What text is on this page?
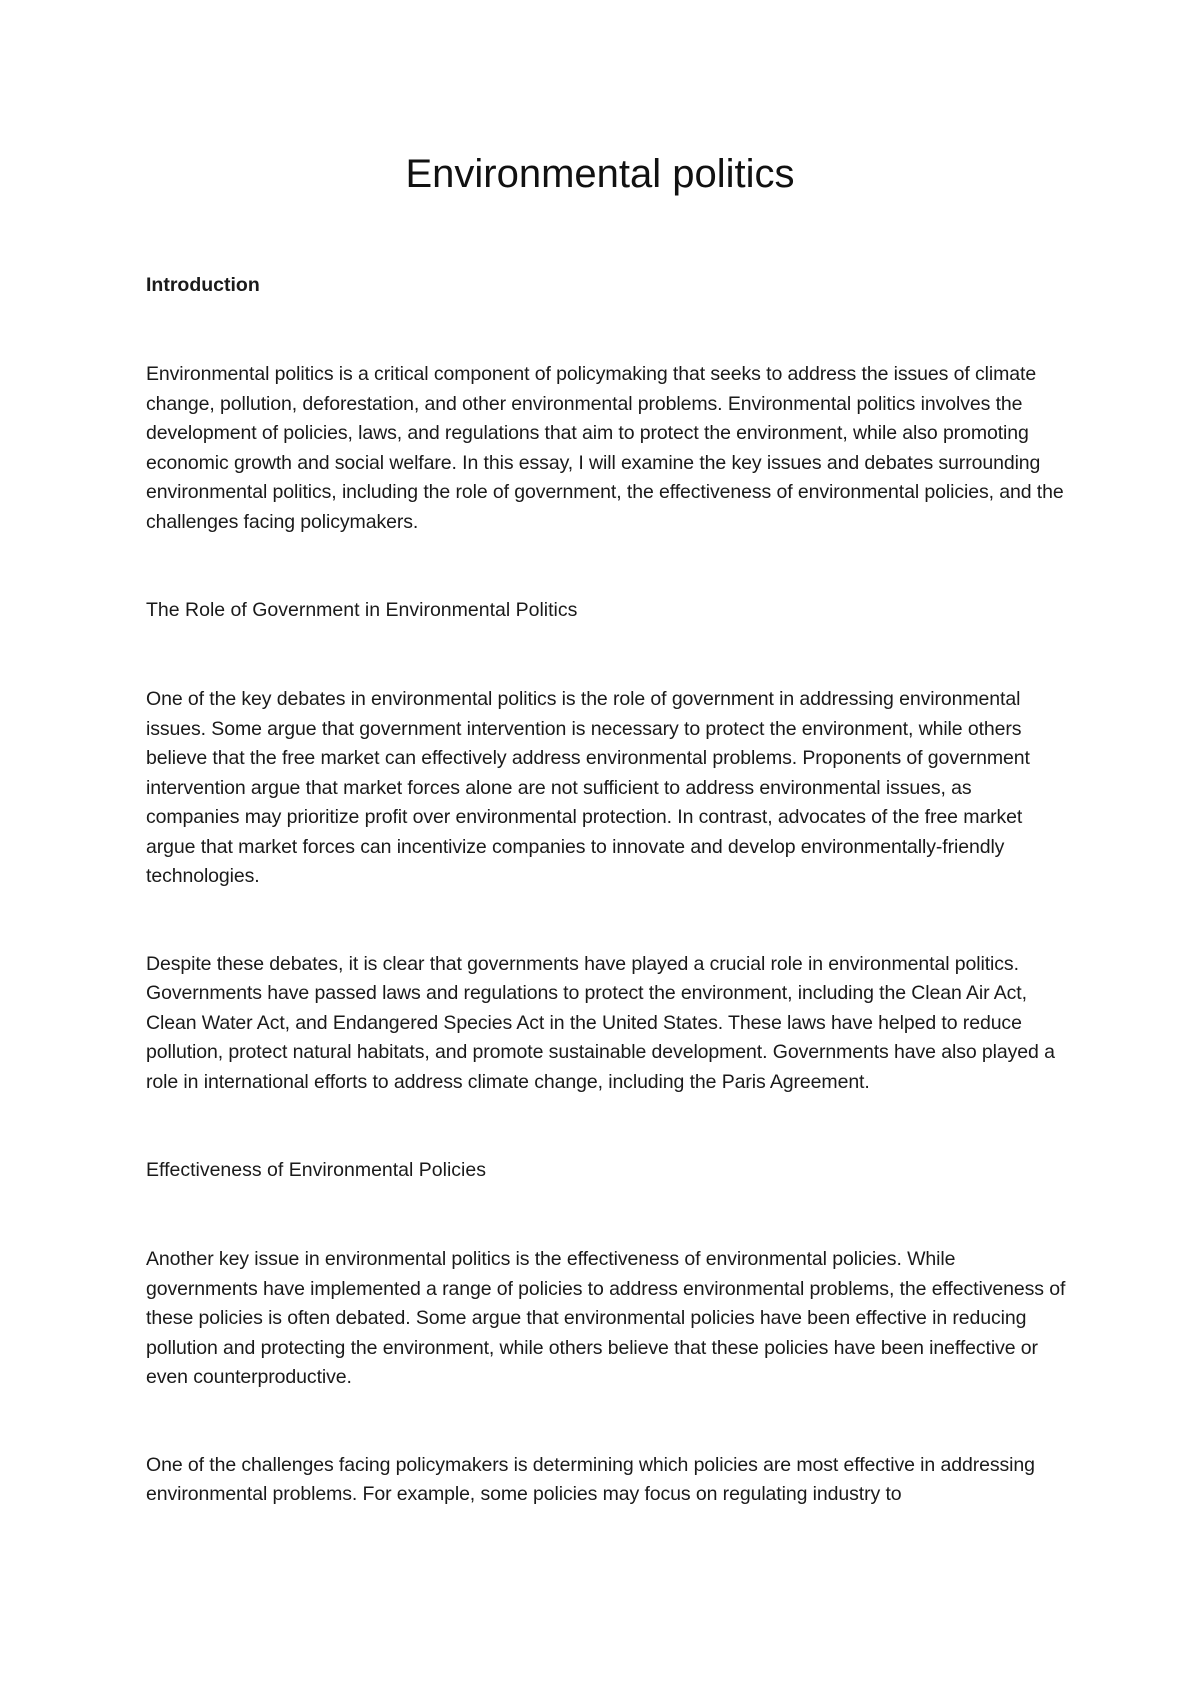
Environmental politics

Introduction

Environmental politics is a critical component of policymaking that seeks to address the issues of climate change, pollution, deforestation, and other environmental problems. Environmental politics involves the development of policies, laws, and regulations that aim to protect the environment, while also promoting economic growth and social welfare. In this essay, I will examine the key issues and debates surrounding environmental politics, including the role of government, the effectiveness of environmental policies, and the challenges facing policymakers.

The Role of Government in Environmental Politics

One of the key debates in environmental politics is the role of government in addressing environmental issues. Some argue that government intervention is necessary to protect the environment, while others believe that the free market can effectively address environmental problems. Proponents of government intervention argue that market forces alone are not sufficient to address environmental issues, as companies may prioritize profit over environmental protection. In contrast, advocates of the free market argue that market forces can incentivize companies to innovate and develop environmentally-friendly technologies.

Despite these debates, it is clear that governments have played a crucial role in environmental politics. Governments have passed laws and regulations to protect the environment, including the Clean Air Act, Clean Water Act, and Endangered Species Act in the United States. These laws have helped to reduce pollution, protect natural habitats, and promote sustainable development. Governments have also played a role in international efforts to address climate change, including the Paris Agreement.

Effectiveness of Environmental Policies

Another key issue in environmental politics is the effectiveness of environmental policies. While governments have implemented a range of policies to address environmental problems, the effectiveness of these policies is often debated. Some argue that environmental policies have been effective in reducing pollution and protecting the environment, while others believe that these policies have been ineffective or even counterproductive.

One of the challenges facing policymakers is determining which policies are most effective in addressing environmental problems. For example, some policies may focus on regulating industry to
